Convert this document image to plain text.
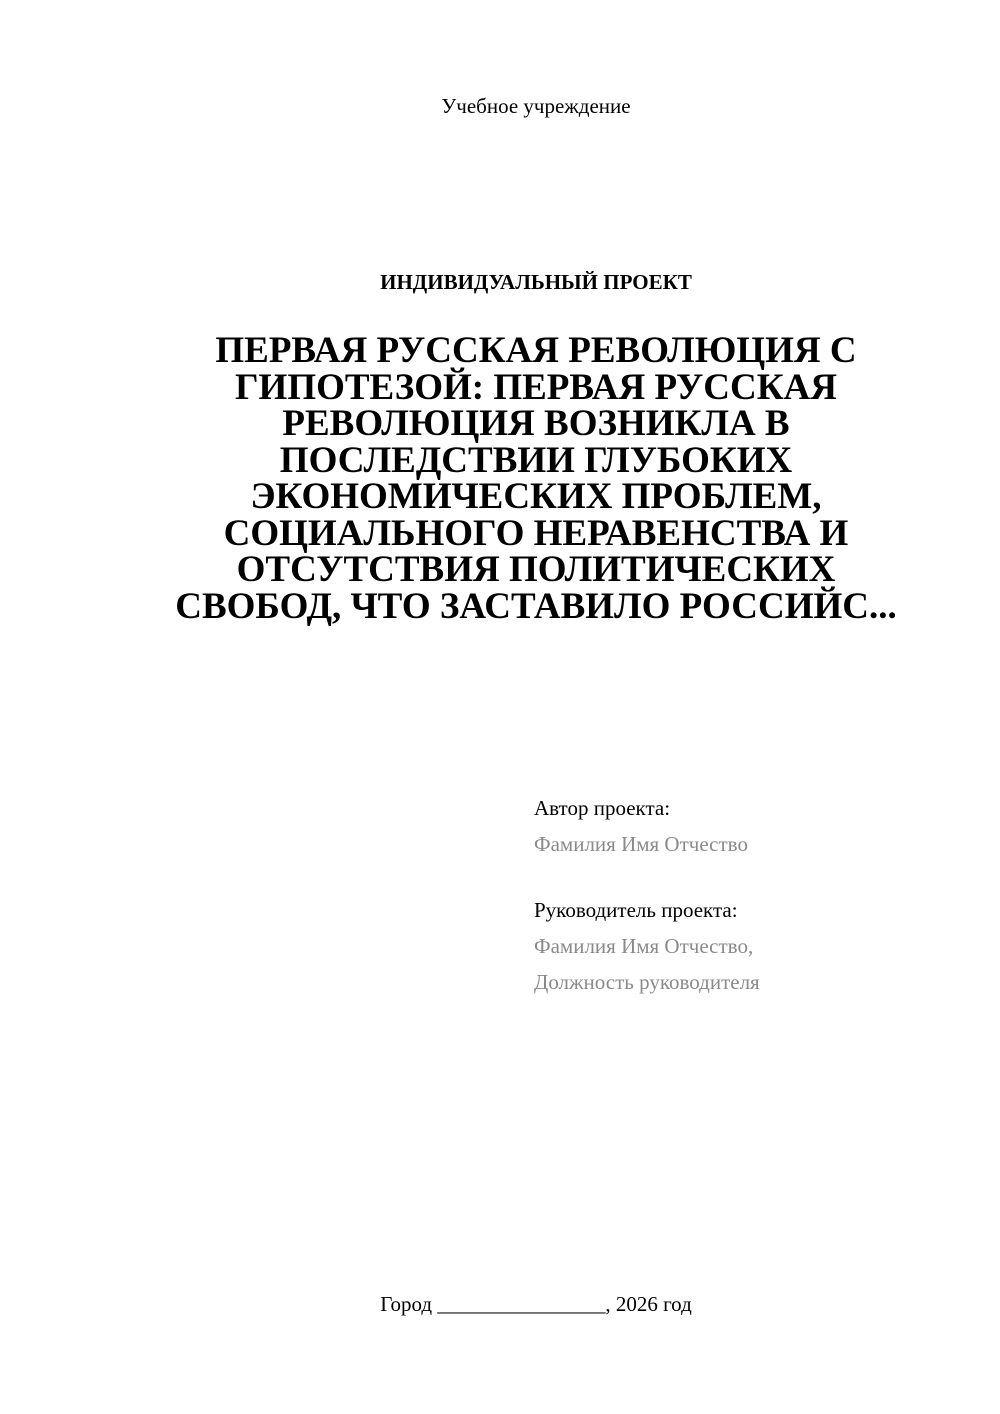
Учебное учреждение
ИНДИВИДУАЛЬНЫЙ ПРОЕКТ
ПЕРВАЯ РУССКАЯ РЕВОЛЮЦИЯ С ГИПОТЕЗОЙ: ПЕРВАЯ РУССКАЯ РЕВОЛЮЦИЯ ВОЗНИКЛА В ПОСЛЕДСТВИИ ГЛУБОКИХ ЭКОНОМИЧЕСКИХ ПРОБЛЕМ, СОЦИАЛЬНОГО НЕРАВЕНСТВА И ОТСУТСТВИЯ ПОЛИТИЧЕСКИХ СВОБОД, ЧТО ЗАСТАВИЛО РОССИЙС...
Автор проекта:
Фамилия Имя Отчество
Руководитель проекта:
Фамилия Имя Отчество,
Должность руководителя
Город ________________, 2026 год
